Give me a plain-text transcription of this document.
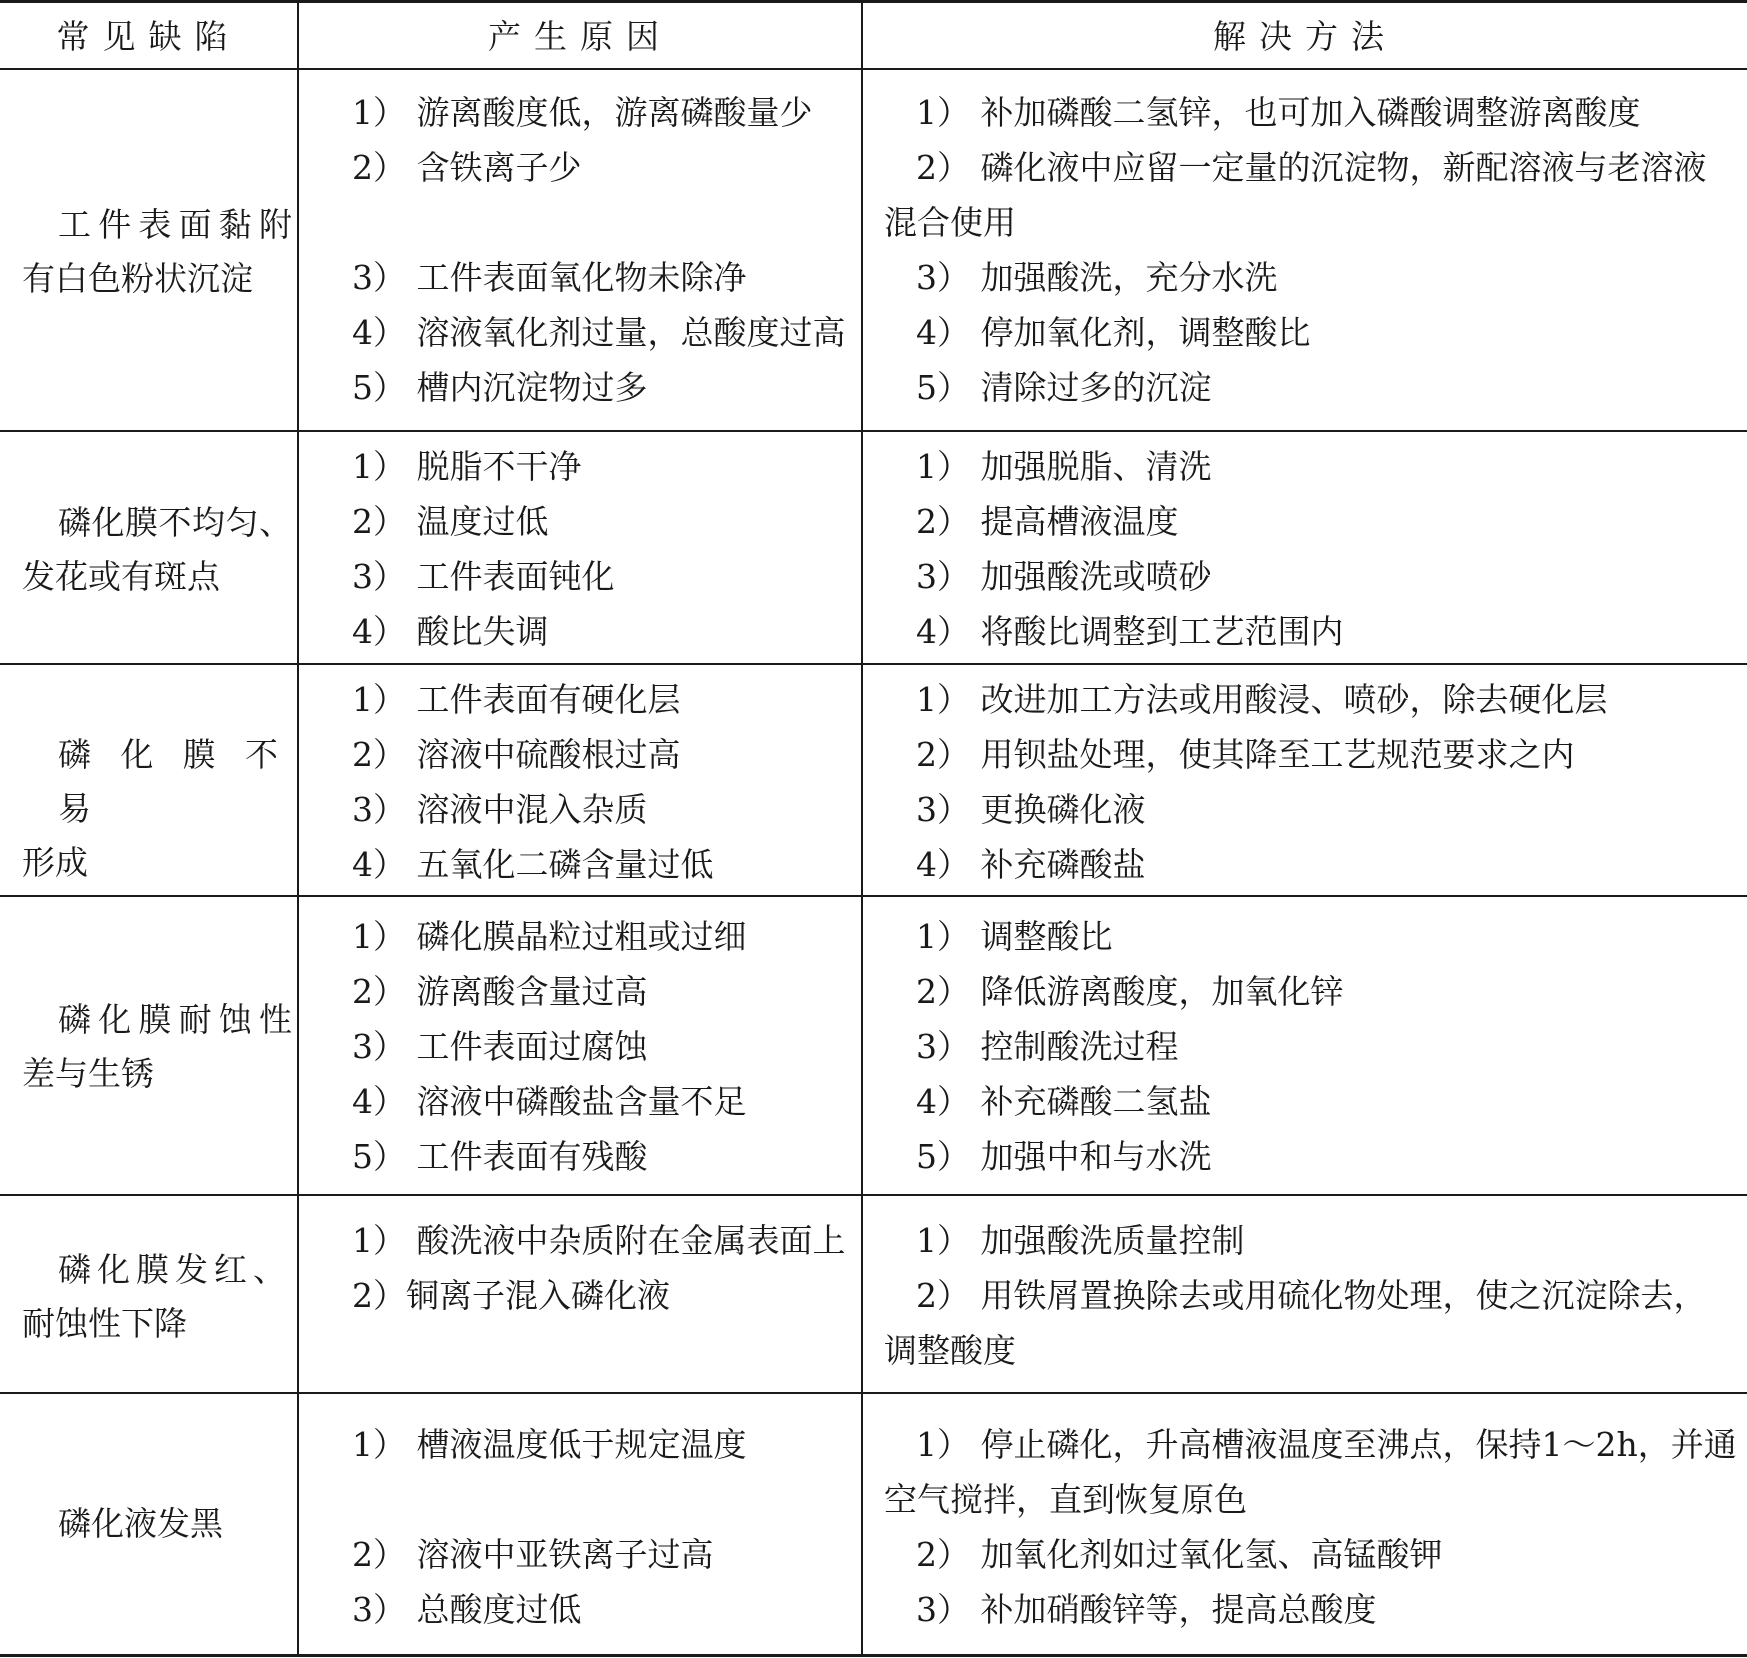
常见缺陷	产生原因	解决方法
工件表面黏附
有白色粉状沉淀
1） 游离酸度低，游离磷酸量少
2） 含铁离子少
3） 工件表面氧化物未除净
4） 溶液氧化剂过量，总酸度过高
5） 槽内沉淀物过多
1） 补加磷酸二氢锌，也可加入磷酸调整游离酸度
2） 磷化液中应留一定量的沉淀物，新配溶液与老溶液
混合使用
3） 加强酸洗，充分水洗
4） 停加氧化剂，调整酸比
5） 清除过多的沉淀
磷化膜不均匀、
发花或有斑点
1） 脱脂不干净
2） 温度过低
3） 工件表面钝化
4） 酸比失调
1） 加强脱脂、清洗
2） 提高槽液温度
3） 加强酸洗或喷砂
4） 将酸比调整到工艺范围内
磷化膜不易
形成
1） 工件表面有硬化层
2） 溶液中硫酸根过高
3） 溶液中混入杂质
4） 五氧化二磷含量过低
1） 改进加工方法或用酸浸、喷砂，除去硬化层
2） 用钡盐处理，使其降至工艺规范要求之内
3） 更换磷化液
4） 补充磷酸盐
磷化膜耐蚀性
差与生锈
1） 磷化膜晶粒过粗或过细
2） 游离酸含量过高
3） 工件表面过腐蚀
4） 溶液中磷酸盐含量不足
5） 工件表面有残酸
1） 调整酸比
2） 降低游离酸度，加氧化锌
3） 控制酸洗过程
4） 补充磷酸二氢盐
5） 加强中和与水洗
磷化膜发红、
耐蚀性下降
1） 酸洗液中杂质附在金属表面上
2）铜离子混入磷化液
1） 加强酸洗质量控制
2） 用铁屑置换除去或用硫化物处理，使之沉淀除去，
调整酸度
磷化液发黑
1） 槽液温度低于规定温度
2） 溶液中亚铁离子过高
3） 总酸度过低
1） 停止磷化，升高槽液温度至沸点，保持1～2h，并通
空气搅拌，直到恢复原色
2） 加氧化剂如过氧化氢、高锰酸钾
3） 补加硝酸锌等，提高总酸度
